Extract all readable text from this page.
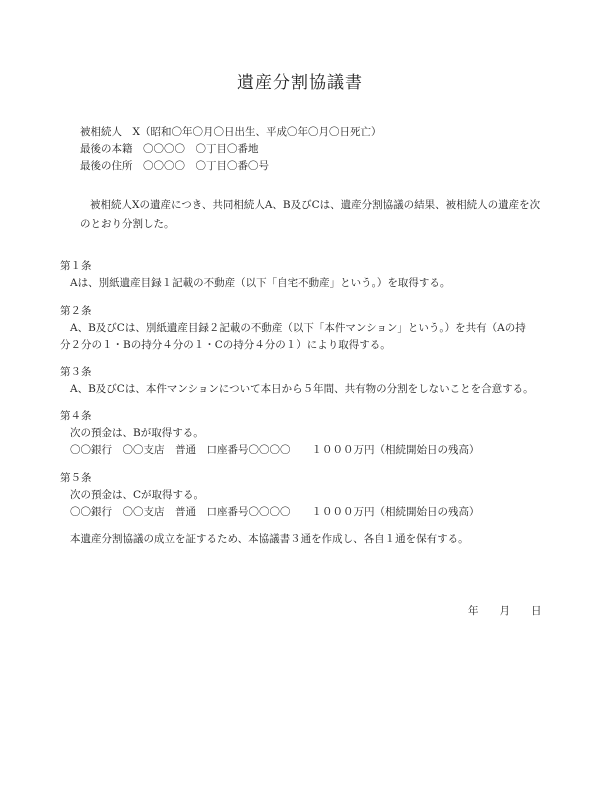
遺産分割協議書
被相続人　X（昭和〇年〇月〇日出生、平成〇年〇月〇日死亡）
最後の本籍　〇〇〇〇　〇丁目〇番地
最後の住所　〇〇〇〇　〇丁目〇番〇号
被相続人Xの遺産につき、共同相続人A、B及びCは、遺産分割協議の結果、被相続人の遺産を次のとおり分割した。
第１条
Aは、別紙遺産目録１記載の不動産（以下「自宅不動産」という。）を取得する。
第２条
A、B及びCは、別紙遺産目録２記載の不動産（以下「本件マンション」という。）を共有（Aの持
分２分の１・Bの持分４分の１・Cの持分４分の１）により取得する。
第３条
A、B及びCは、本件マンションについて本日から５年間、共有物の分割をしないことを合意する。
第４条
次の預金は、Bが取得する。
〇〇銀行　〇〇支店　普通　口座番号〇〇〇〇　　１０００万円（相続開始日の残高）
第５条
次の預金は、Cが取得する。
〇〇銀行　〇〇支店　普通　口座番号〇〇〇〇　　１０００万円（相続開始日の残高）
本遺産分割協議の成立を証するため、本協議書３通を作成し、各自１通を保有する。
年　　月　　日
